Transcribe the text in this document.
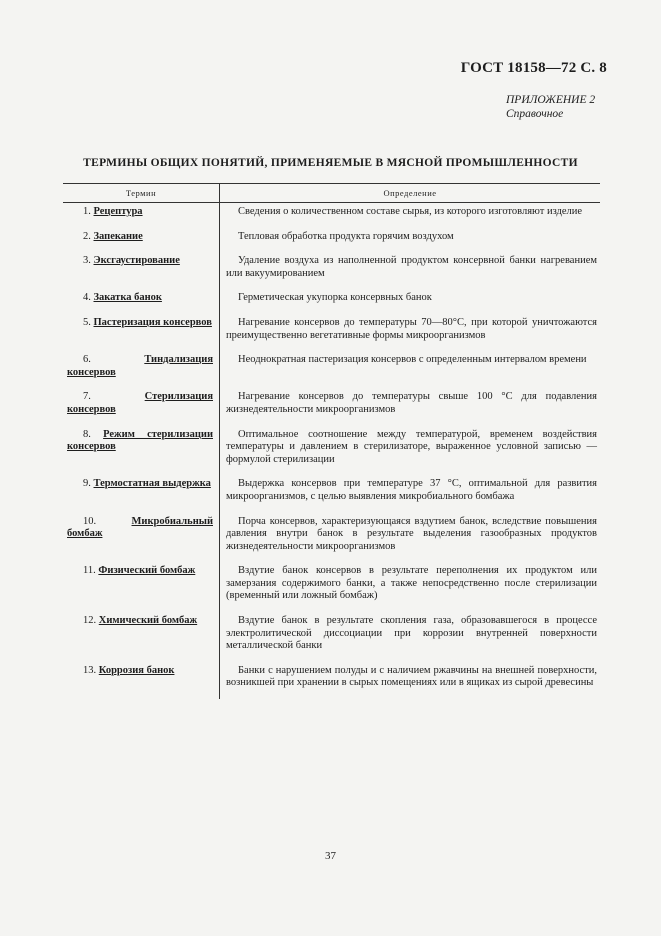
ГОСТ 18158—72 С. 8
ПРИЛОЖЕНИЕ 2
Справочное
ТЕРМИНЫ ОБЩИХ ПОНЯТИЙ, ПРИМЕНЯЕМЫЕ В МЯСНОЙ ПРОМЫШЛЕННОСТИ
Термин	Определение
1. Рецептура	Сведения о количественном составе сырья, из которого изготовляют изделие
2. Запекание	Тепловая обработка продукта горячим воздухом
3. Эксгаустирование	Удаление воздуха из наполненной продуктом консервной банки нагреванием или вакуумированием
4. Закатка банок	Герметическая укупорка консервных банок
5. Пастеризация консервов	Нагревание консервов до температуры 70—80°С, при которой уничтожаются преимущественно вегетативные формы микроорганизмов
6. Тиндализация консервов	Неоднократная пастеризация консервов с определенным интервалом времени
7. Стерилизация консервов	Нагревание консервов до температуры свыше 100 °С для подавления жизнедеятельности микроорганизмов
8. Режим стерилизации консервов	Оптимальное соотношение между температурой, временем воздействия температуры и давлением в стерилизаторе, выраженное условной записью — формулой стерилизации
9. Термостатная выдержка	Выдержка консервов при температуре 37 °С, оптимальной для развития микроорганизмов, с целью выявления микробиального бомбажа
10. Микробиальный бомбаж	Порча консервов, характеризующаяся вздутием банок, вследствие повышения давления внутри банок в результате выделения газообразных продуктов жизнедеятельности микроорганизмов
11. Физический бомбаж	Вздутие банок консервов в результате переполнения их продуктом или замерзания содержимого банки, а также непосредственно после стерилизации (временный или ложный бомбаж)
12. Химический бомбаж	Вздутие банок в результате скопления газа, образовавшегося в процессе электролитической диссоциации при коррозии внутренней поверхности металлической банки
13. Коррозия банок	Банки с нарушением полуды и с наличием ржавчины на внешней поверхности, возникшей при хранении в сырых помещениях или в ящиках из сырой древесины
37
